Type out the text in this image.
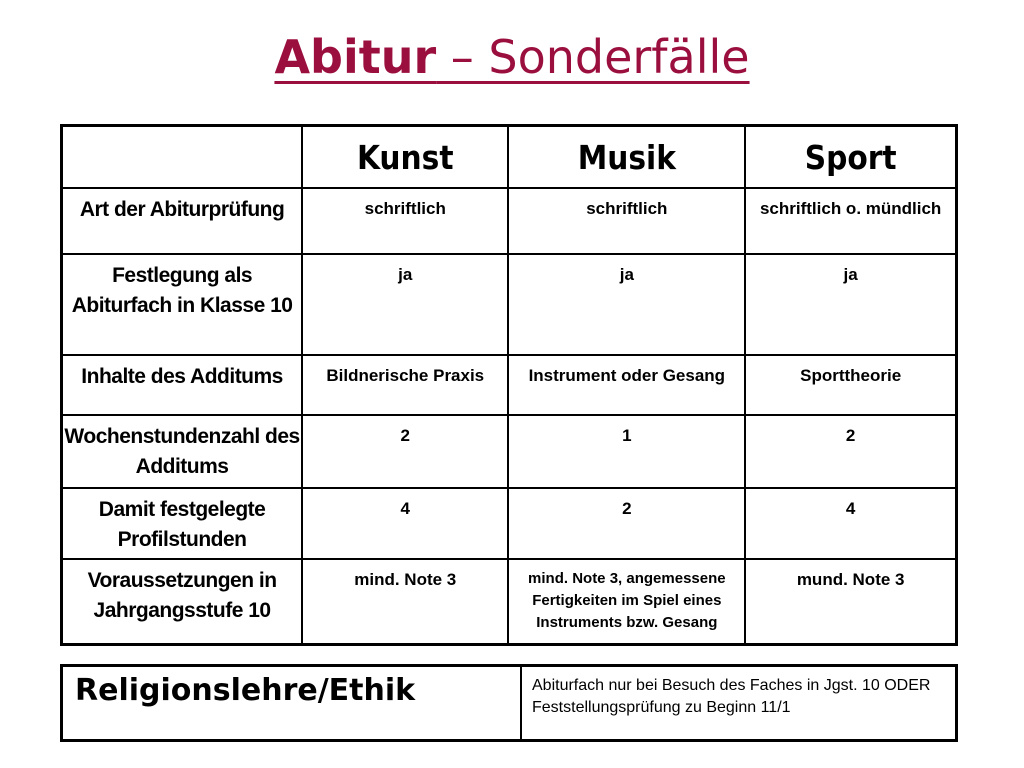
Abitur – Sonderfälle
	Kunst	Musik	Sport
Art der Abiturprüfung	schriftlich	schriftlich	schriftlich o. mündlich
Festlegung als Abiturfach in Klasse 10	ja	ja	ja
Inhalte des Additums	Bildnerische Praxis	Instrument oder Gesang	Sporttheorie
Wochenstundenzahl des Additums	2	1	2
Damit festgelegte Profilstunden	4	2	4
Voraussetzungen in Jahrgangsstufe 10	mind. Note 3	mind. Note 3, angemessene Fertigkeiten im Spiel eines Instruments bzw. Gesang	mund. Note 3
Religionslehre/Ethik	Abiturfach nur bei Besuch des Faches in Jgst. 10 ODER Feststellungsprüfung zu Beginn 11/1
